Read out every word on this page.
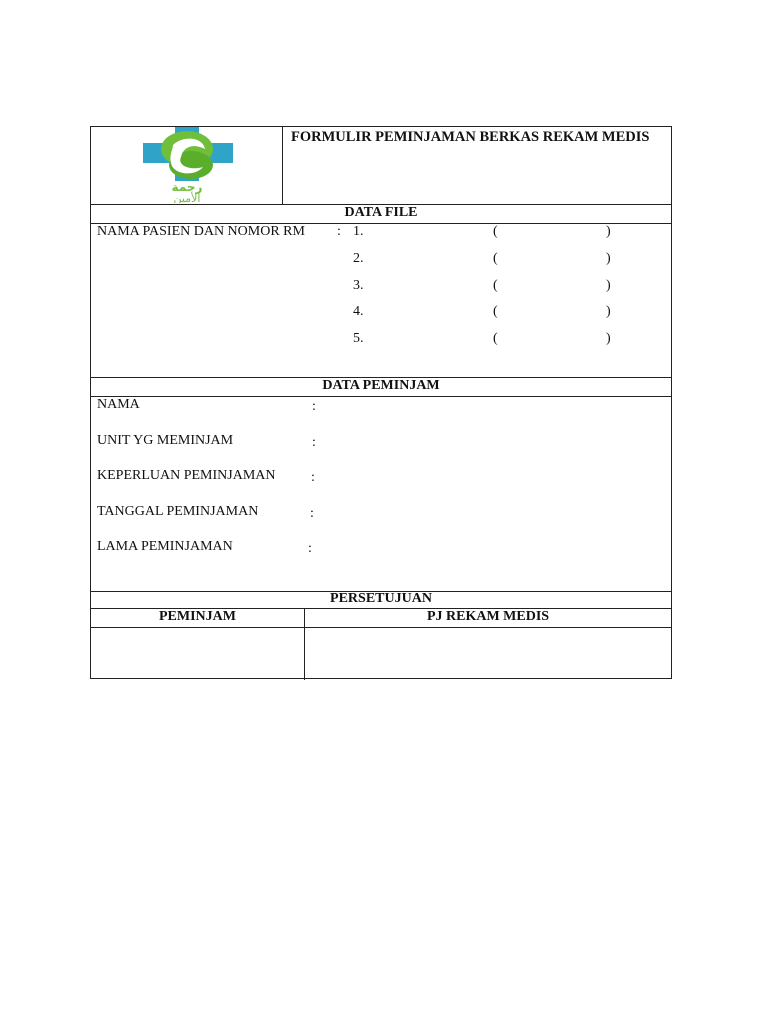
رحمة
الأمين
FORMULIR PEMINJAMAN BERKAS REKAM MEDIS
DATA FILE
NAMA PASIEN DAN NOMOR RM : 1.	(	)
2.	(	)
3.	(	)
4.	(	)
5.	(	)
DATA PEMINJAM
NAMA	:
UNIT YG MEMINJAM	:
KEPERLUAN PEMINJAMAN	:
TANGGAL PEMINJAMAN	:
LAMA PEMINJAMAN	:
PERSETUJUAN
PEMINJAM	PJ REKAM MEDIS
